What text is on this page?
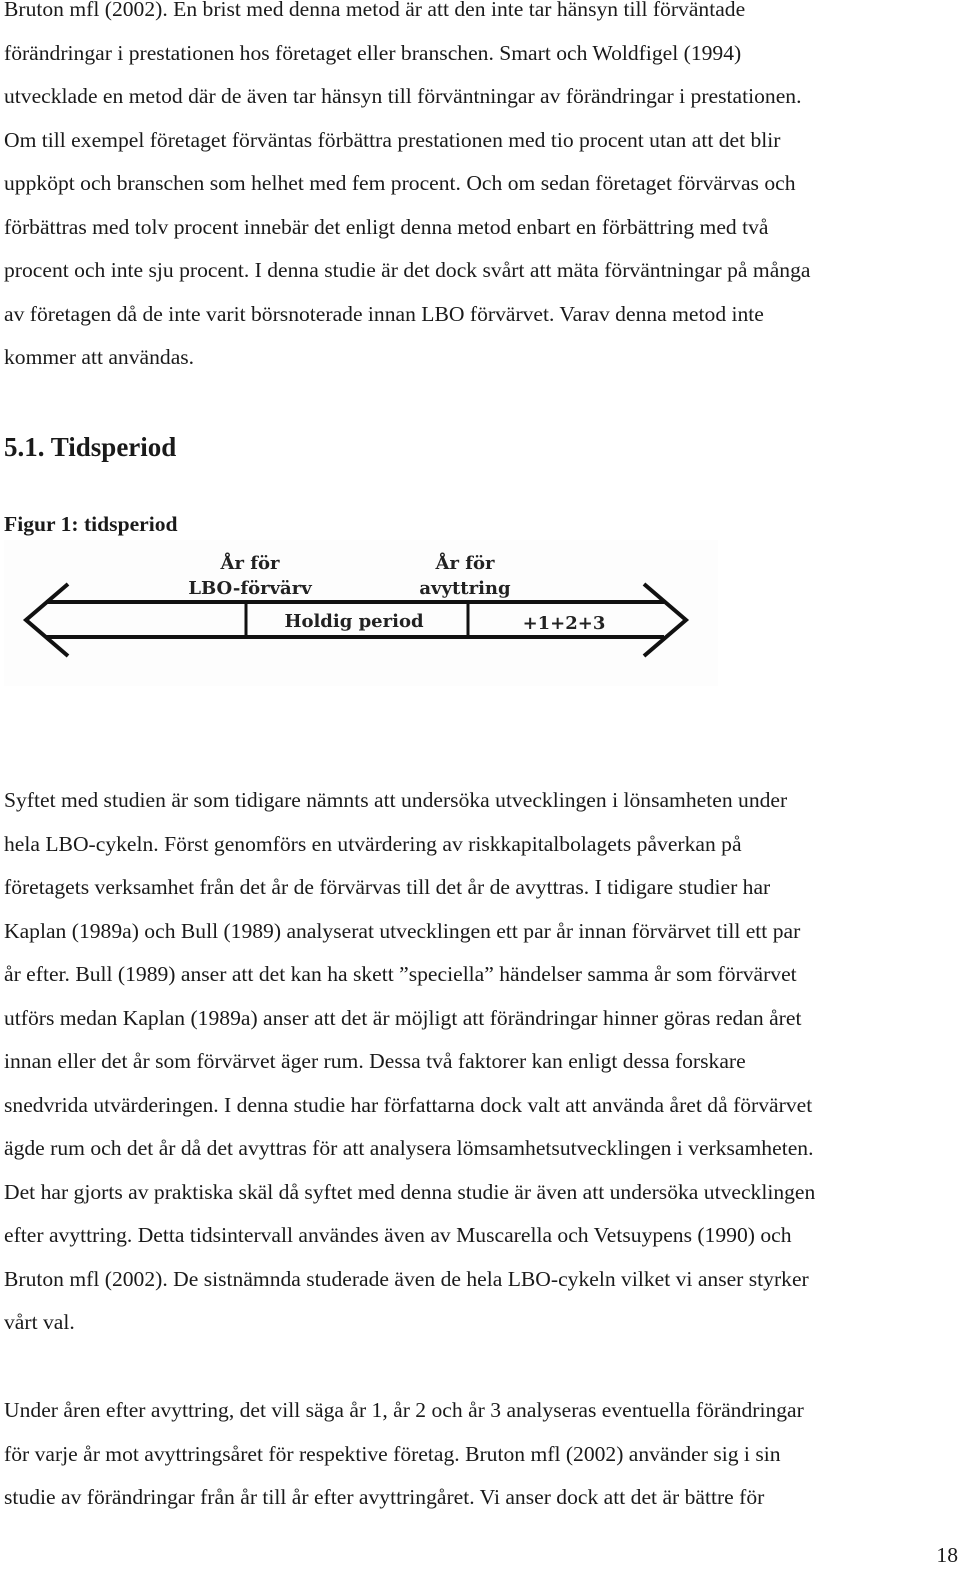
Bruton mfl (2002). En brist med denna metod är att den inte tar hänsyn till förväntade
förändringar i prestationen hos företaget eller branschen. Smart och Woldfigel (1994)
utvecklade en metod där de även tar hänsyn till förväntningar av förändringar i prestationen.
Om till exempel företaget förväntas förbättra prestationen med tio procent utan att det blir
uppköpt och branschen som helhet med fem procent. Och om sedan företaget förvärvas och
förbättras med tolv procent innebär det enligt denna metod enbart en förbättring med två
procent och inte sju procent. I denna studie är det dock svårt att mäta förväntningar på många
av företagen då de inte varit börsnoterade innan LBO förvärvet. Varav denna metod inte
kommer att användas.

5.1. Tidsperiod

Figur 1: tidsperiod

År för
LBO-förvärv
År för
avyttring
Holdig period	+1+2+3

Syftet med studien är som tidigare nämnts att undersöka utvecklingen i lönsamheten under
hela LBO-cykeln. Först genomförs en utvärdering av riskkapitalbolagets påverkan på
företagets verksamhet från det år de förvärvas till det år de avyttras. I tidigare studier har
Kaplan (1989a) och Bull (1989) analyserat utvecklingen ett par år innan förvärvet till ett par
år efter. Bull (1989) anser att det kan ha skett ”speciella” händelser samma år som förvärvet
utförs medan Kaplan (1989a) anser att det är möjligt att förändringar hinner göras redan året
innan eller det år som förvärvet äger rum. Dessa två faktorer kan enligt dessa forskare
snedvrida utvärderingen. I denna studie har författarna dock valt att använda året då förvärvet
ägde rum och det år då det avyttras för att analysera lömsamhetsutvecklingen i verksamheten.
Det har gjorts av praktiska skäl då syftet med denna studie är även att undersöka utvecklingen
efter avyttring. Detta tidsintervall användes även av Muscarella och Vetsuypens (1990) och
Bruton mfl (2002). De sistnämnda studerade även de hela LBO-cykeln vilket vi anser styrker
vårt val.

Under åren efter avyttring, det vill säga år 1, år 2 och år 3 analyseras eventuella förändringar
för varje år mot avyttringsåret för respektive företag. Bruton mfl (2002) använder sig i sin
studie av förändringar från år till år efter avyttringåret. Vi anser dock att det är bättre för

18
